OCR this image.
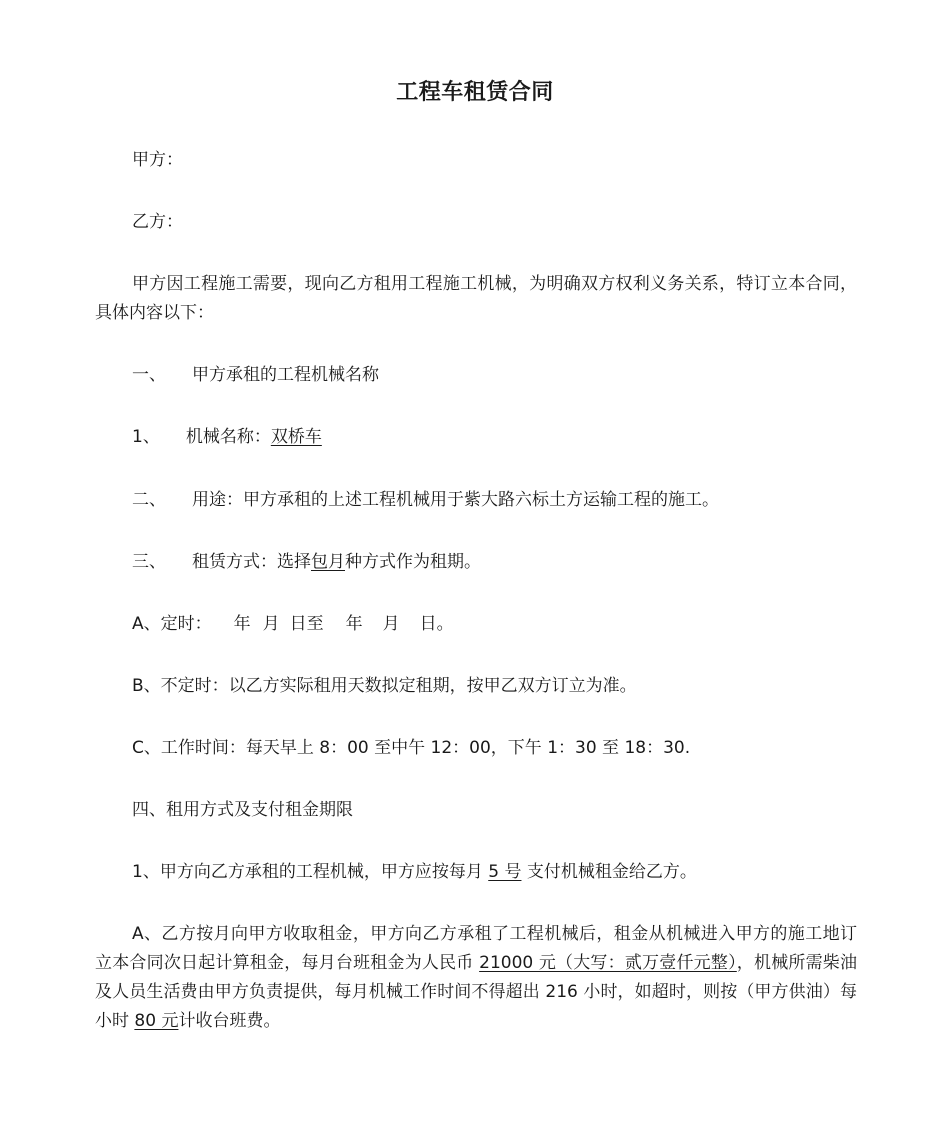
工程车租赁合同
甲方：
乙方：
甲方因工程施工需要，现向乙方租用工程施工机械，为明确双方权利义务关系，特订立本合同，具体内容以下：
一、 甲方承租的工程机械名称
1、 机械名称：双桥车
二、 用途：甲方承租的上述工程机械用于紫大路六标土方运输工程的施工。
三、 租赁方式：选择包月种方式作为租期。
A、定时： 年 月 日至 年 月 日。
B、不定时：以乙方实际租用天数拟定租期，按甲乙双方订立为准。
C、工作时间：每天早上 8：00 至中午 12：00，下午 1：30 至 18：30.
四、租用方式及支付租金期限
1、甲方向乙方承租的工程机械，甲方应按每月 5 号 支付机械租金给乙方。
A、乙方按月向甲方收取租金，甲方向乙方承租了工程机械后，租金从机械进入甲方的施工地订立本合同次日起计算租金，每月台班租金为人民币 21000 元（大写：贰万壹仟元整），机械所需柴油及人员生活费由甲方负责提供，每月机械工作时间不得超出 216 小时，如超时，则按（甲方供油）每小时 80 元计收台班费。
